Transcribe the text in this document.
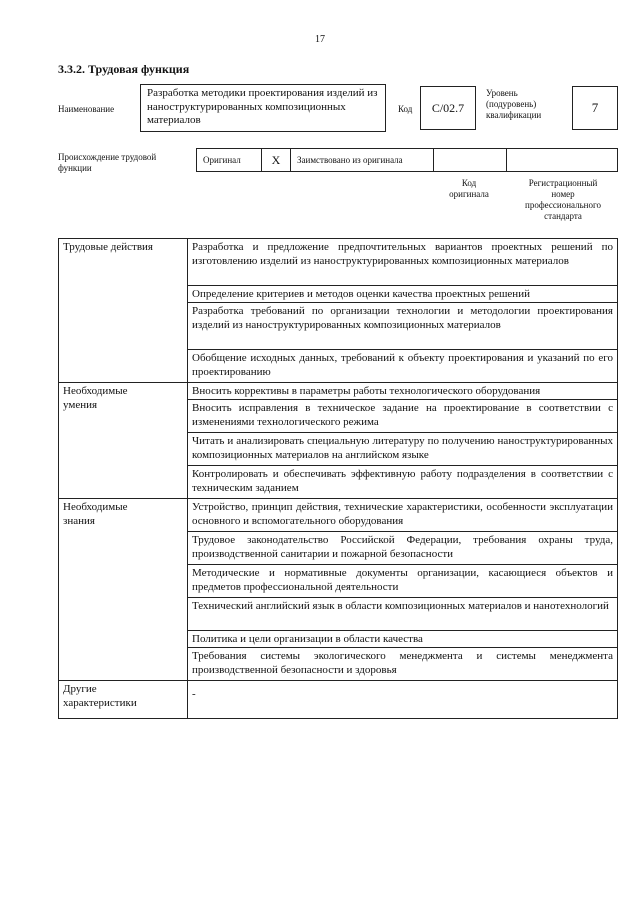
17
3.3.2. Трудовая функция
Наименование
Разработка методики проектирования изделий из наноструктурированных композиционных материалов
Код	С/02.7
Уровень
(подуровень)
квалификации	7
Происхождение трудовой
функции
Оригинал	X	Заимствовано из оригинала		
Код
оригинала
Регистрационный
номер
профессионального
стандарта
Трудовые действия	Разработка и предложение предпочтительных вариантов проектных решений по изготовлению изделий из наноструктурированных композиционных материалов
	Определение критериев и методов оценки качества проектных решений
	Разработка требований по организации технологии и методологии проектирования изделий из наноструктурированных композиционных материалов
	Обобщение исходных данных, требований к объекту проектирования и указаний по его проектированию

Необходимые
умения	Вносить коррективы в параметры работы технологического оборудования
	Вносить исправления в техническое задание на проектирование в соответствии с изменениями технологического режима
	Читать и анализировать специальную литературу по получению наноструктурированных композиционных материалов на английском языке
	Контролировать и обеспечивать эффективную работу подразделения в соответствии с техническим заданием

Необходимые
знания	Устройство, принцип действия, технические характеристики, особенности эксплуатации основного и вспомогательного оборудования
	Трудовое законодательство Российской Федерации, требования охраны труда, производственной санитарии и пожарной безопасности
	Методические и нормативные документы организации, касающиеся объектов и предметов профессиональной деятельности
	Технический английский язык в области композиционных материалов и нанотехнологий
	Политика и цели организации в области качества
	Требования системы экологического менеджмента и системы менеджмента производственной безопасности и здоровья

Другие
характеристики	-
